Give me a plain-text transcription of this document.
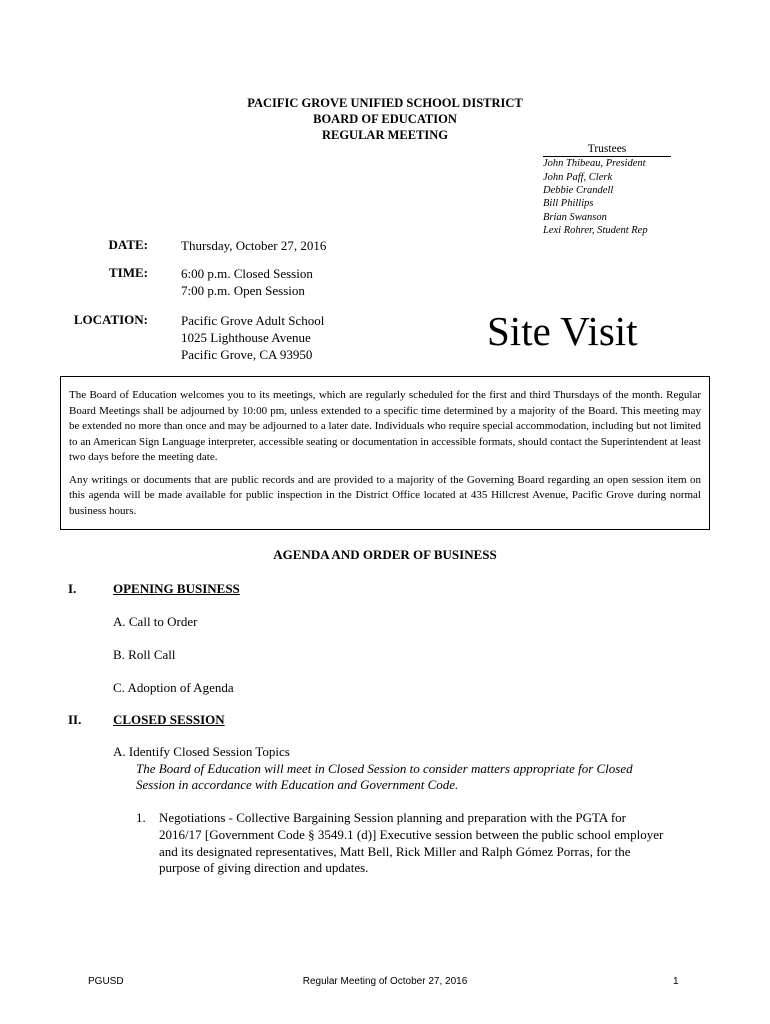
PACIFIC GROVE UNIFIED SCHOOL DISTRICT
BOARD OF EDUCATION
REGULAR MEETING
Trustees
John Thibeau, President
John Paff, Clerk
Debbie Crandell
Bill Phillips
Brian Swanson
Lexi Rohrer, Student Rep
DATE:	Thursday, October 27, 2016
TIME:	6:00 p.m. Closed Session
7:00 p.m. Open Session
LOCATION:	Pacific Grove Adult School
1025 Lighthouse Avenue
Pacific Grove, CA 93950
Site Visit

The Board of Education welcomes you to its meetings, which are regularly scheduled for the first and third Thursdays of the month. Regular Board Meetings shall be adjourned by 10:00 pm, unless extended to a specific time determined by a majority of the Board. This meeting may be extended no more than once and may be adjourned to a later date. Individuals who require special accommodation, including but not limited to an American Sign Language interpreter, accessible seating or documentation in accessible formats, should contact the Superintendent at least two days before the meeting date.

Any writings or documents that are public records and are provided to a majority of the Governing Board regarding an open session item on this agenda will be made available for public inspection in the District Office located at 435 Hillcrest Avenue, Pacific Grove during normal business hours.

AGENDA AND ORDER OF BUSINESS
I.	OPENING BUSINESS
A. Call to Order
B. Roll Call
C. Adoption of Agenda
II. CLOSED SESSION
A. Identify Closed Session Topics
The Board of Education will meet in Closed Session to consider matters appropriate for Closed
Session in accordance with Education and Government Code.
1. Negotiations - Collective Bargaining Session planning and preparation with the PGTA for
2016/17 [Government Code § 3549.1 (d)] Executive session between the public school employer
and its designated representatives, Matt Bell, Rick Miller and Ralph Gómez Porras, for the
purpose of giving direction and updates.
PGUSD	Regular Meeting of October 27, 2016	1
